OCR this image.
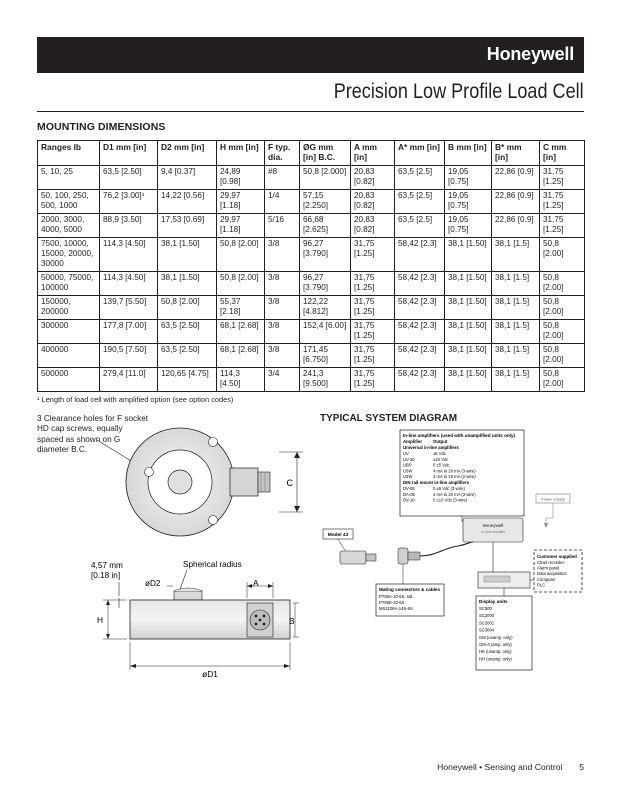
Honeywell
Precision Low Profile Load Cell
MOUNTING DIMENSIONS
Ranges lb	D1 mm [in]	D2 mm [in]	H mm [in]	F typ. dia.	ØG mm [in] B.C.	A mm [in]	A* mm [in]	B mm [in]	B* mm [in]	C mm [in]
5, 10, 25	63,5 [2.50]	9,4 [0.37]	24,89 [0.98]	#8	50,8 [2.000]	20,83 [0.82]	63,5 [2.5]	19,05 [0.75]	22,86 [0.9]	31,75 [1.25]
50, 100, 250, 500, 1000	76,2 [3.00]¹	14,22 [0.56]	29,97 [1.18]	1/4	57,15 [2.250]	20,83 [0.82]	63,5 [2.5]	19,05 [0.75]	22,86 [0.9]	31,75 [1.25]
2000, 3000, 4000, 5000	88,9 [3.50]	17,53 [0.69]	29,97 [1.18]	5/16	66,68 [2.625]	20,83 [0.82]	63,5 [2.5]	19,05 [0.75]	22,86 [0.9]	31,75 [1.25]
7500, 10000, 15000, 20000, 30000	114,3 [4.50]	38,1 [1.50]	50,8 [2.00]	3/8	96,27 [3.790]	31,75 [1.25]	58,42 [2.3]	38,1 [1.50]	38,1 [1.5]	50,8 [2.00]
50000, 75000, 100000	114,3 [4.50]	38,1 [1.50]	50,8 [2.00]	3/8	96,27 [3.790]	31,75 [1.25]	58,42 [2.3]	38,1 [1.50]	38,1 [1.5]	50,8 [2.00]
150000, 200000	139,7 [5.50]	50,8 [2.00]	55,37 [2.18]	3/8	122,22 [4.812]	31,75 [1.25]	58,42 [2.3]	38,1 [1.50]	38,1 [1.5]	50,8 [2.00]
300000	177,8 [7.00]	63,5 [2.50]	68,1 [2.68]	3/8	152,4 [6.00]	31,75 [1.25]	58,42 [2.3]	38,1 [1.50]	38,1 [1.5]	50,8 [2.00]
400000	190,5 [7.50]	63,5 [2.50]	68,1 [2.68]	3/8	171,45 [6.750]	31,75 [1.25]	58,42 [2.3]	38,1 [1.50]	38,1 [1.5]	50,8 [2.00]
500000	279,4 [11.0]	120,65 [4.75]	114,3 [4.50]	3/4	241,3 [9.500]	31,75 [1.25]	58,42 [2.3]	38,1 [1.50]	38,1 [1.5]	50,8 [2.00]
¹ Length of load cell with amplified option (see option codes)
3 Clearance holes for F socket HD cap screws, equally spaced as shown on G diameter B.C.
C
4,57 mm
[0.18 in]
Spherical radius
øD2	A
H	B
øD1
TYPICAL SYSTEM DIAGRAM
In-line amplifiers (used with unamplified units only)
Amplifier Output
Universal in-line amplifiers
UV	±5 Vdc
UV-10	±10 Vdc
UBP	0 ±5 Vdc
U3W	4 mA to 20 mA (3-wire)
U2W	4 mA to 20 mA (2-wire)
DIN rail mount in-line amplifiers
DV-05	0 ±5 Vdc (3-wire)
DA-05	4 mA to 20 mA (3-wire)
DV-10	0 ±10 Vdc (3-wire)	Power Supply
Honeywell
In-Line Amplifier
Model 43
Customer supplied
Chart recorder
Alarm panel
Data acquisition
Computer
PLC
Mating connectors & cables
PT06A-10-6S, std.
PT06E-10-6S
MS3106A-14S-6S
Display units
SC500
SC2000
SC2001
SC3004
GM (unamp. only)
GM-A (amp. only)
HK (unamp. only)
HH (unamp. only)
Honeywell • Sensing and Control 5
